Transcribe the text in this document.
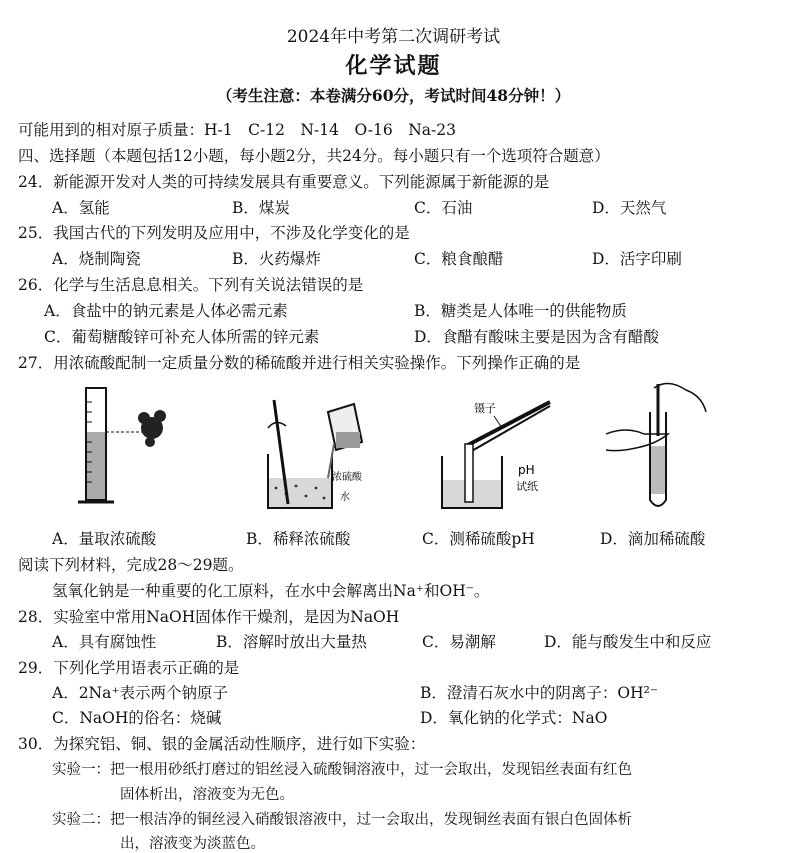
2024年中考第二次调研考试
化学试题
（考生注意：本卷满分60分，考试时间48分钟！）
可能用到的相对原子质量：H-1　C-12　N-14　O-16　Na-23
四、选择题（本题包括12小题，每小题2分，共24分。每小题只有一个选项符合题意）
24．新能源开发对人类的可持续发展具有重要意义。下列能源属于新能源的是
A．氢能	B．煤炭	C．石油	D．天然气
25．我国古代的下列发明及应用中，不涉及化学变化的是
A．烧制陶瓷	B．火药爆炸	C．粮食酿醋	D．活字印刷
26．化学与生活息息相关。下列有关说法错误的是
A．食盐中的钠元素是人体必需元素	B．糖类是人体唯一的供能物质
C．葡萄糖酸锌可补充人体所需的锌元素	D．食醋有酸味主要是因为含有醋酸
27．用浓硫酸配制一定质量分数的稀硫酸并进行相关实验操作。下列操作正确的是
浓硫酸
水
镊子
pH
试纸
A．量取浓硫酸	B．稀释浓硫酸	C．测稀硫酸pH	D．滴加稀硫酸
阅读下列材料，完成28～29题。
氢氧化钠是一种重要的化工原料，在水中会解离出Na⁺和OH⁻。
28．实验室中常用NaOH固体作干燥剂，是因为NaOH
A．具有腐蚀性	B．溶解时放出大量热	C．易潮解	D．能与酸发生中和反应
29．下列化学用语表示正确的是
A．2Na⁺表示两个钠原子	B．澄清石灰水中的阴离子：OH²⁻
C．NaOH的俗名：烧碱	D．氧化钠的化学式：NaO
30．为探究铝、铜、银的金属活动性顺序，进行如下实验：
实验一：把一根用砂纸打磨过的铝丝浸入硫酸铜溶液中，过一会取出，发现铝丝表面有红色
固体析出，溶液变为无色。
实验二：把一根洁净的铜丝浸入硝酸银溶液中，过一会取出，发现铜丝表面有银白色固体析
出，溶液变为淡蓝色。
